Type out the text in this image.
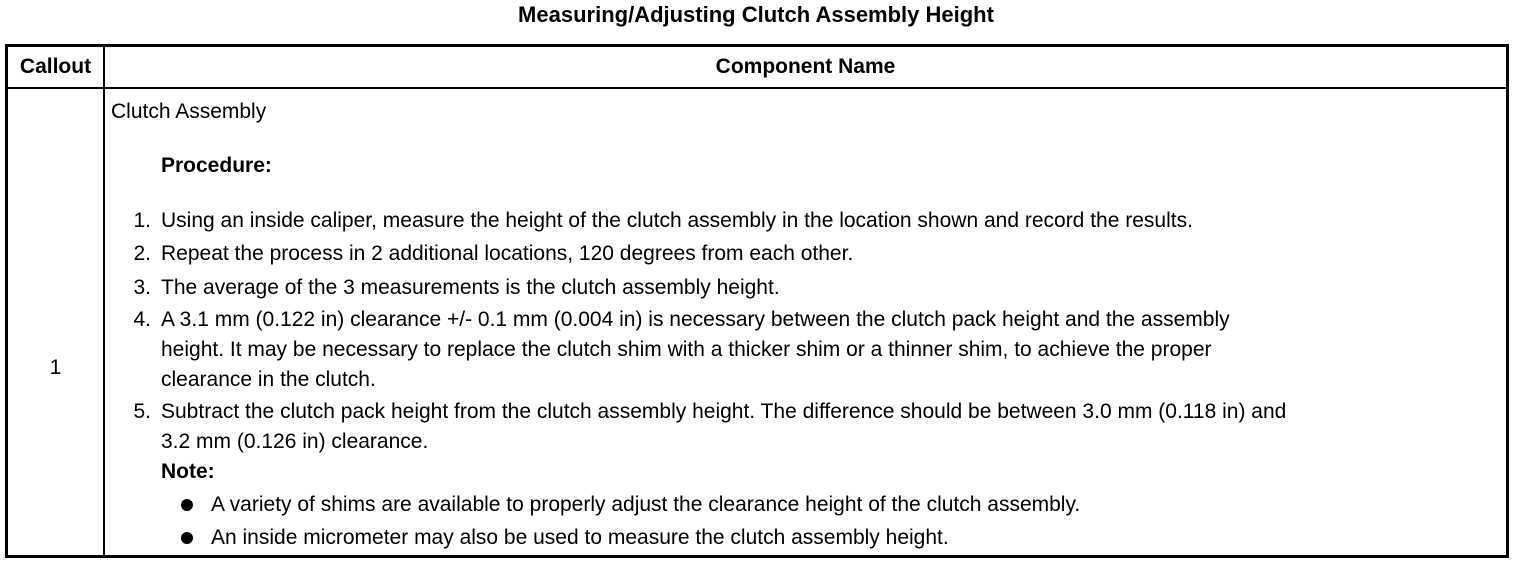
Measuring/Adjusting Clutch Assembly Height
Callout	Component Name
1
Clutch Assembly
Procedure:
1. Using an inside caliper, measure the height of the clutch assembly in the location shown and record the results.
2. Repeat the process in 2 additional locations, 120 degrees from each other.
3. The average of the 3 measurements is the clutch assembly height.
4. A 3.1 mm (0.122 in) clearance +/- 0.1 mm (0.004 in) is necessary between the clutch pack height and the assembly
height. It may be necessary to replace the clutch shim with a thicker shim or a thinner shim, to achieve the proper
clearance in the clutch.
5. Subtract the clutch pack height from the clutch assembly height. The difference should be between 3.0 mm (0.118 in) and
3.2 mm (0.126 in) clearance.
Note:
A variety of shims are available to properly adjust the clearance height of the clutch assembly.
An inside micrometer may also be used to measure the clutch assembly height.
